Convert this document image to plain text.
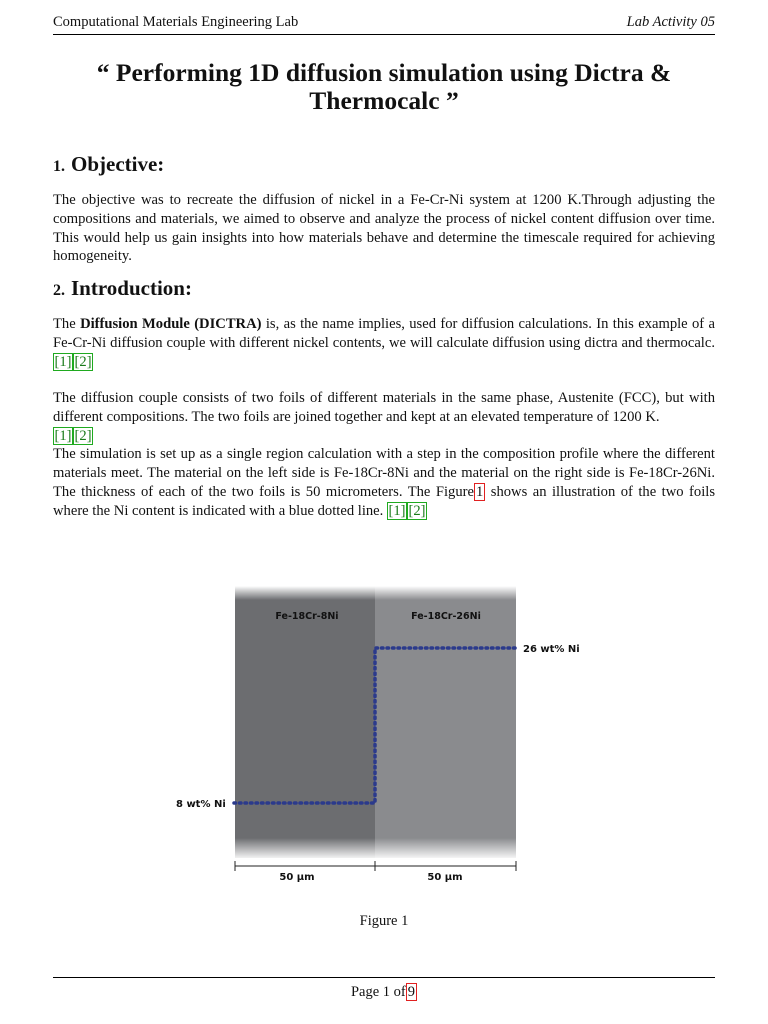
Computational Materials Engineering Lab	Lab Activity 05
“ Performing 1D diffusion simulation using Dictra &
Thermocalc ”
1. Objective:

The objective was to recreate the diffusion of nickel in a Fe-Cr-Ni system at 1200 K.Through adjusting the compositions and materials, we aimed to observe and analyze the process of nickel content diffusion over time. This would help us gain insights into how materials behave and determine the timescale required for achieving homogeneity.

2. Introduction:

The Diffusion Module (DICTRA) is, as the name implies, used for diffusion calculations. In this example of a Fe-Cr-Ni diffusion couple with different nickel contents, we will calculate diffusion using dictra and thermocalc.[1] [2]

The diffusion couple consists of two foils of different materials in the same phase, Austenite (FCC), but with different compositions. The two foils are joined together and kept at an elevated temperature of 1200 K.
[1] [2]

The simulation is set up as a single region calculation with a step in the composition profile where the different materials meet. The material on the left side is Fe-18Cr-8Ni and the material on the right side is Fe-18Cr-26Ni. The thickness of each of the two foils is 50 micrometers. The Figure 1 shows an illustration of the two foils where the Ni content is indicated with a blue dotted line. [1] [2]

Fe-18Cr-8Ni	Fe-18Cr-26Ni
26 wt% Ni
8 wt% Ni
50 µm	50 µm
Figure 1
Page 1 of 9
